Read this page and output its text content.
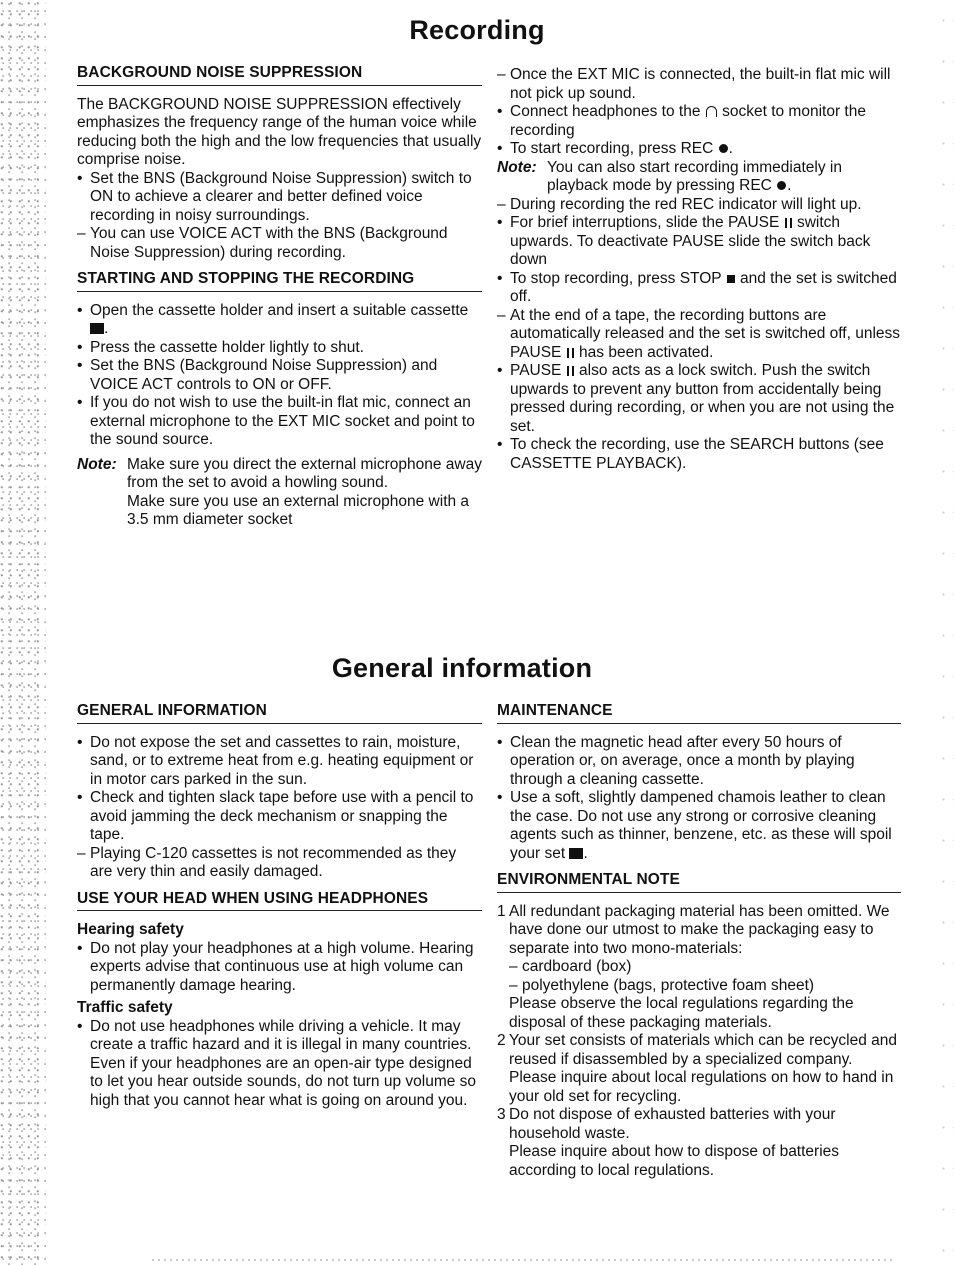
Recording
BACKGROUND NOISE SUPPRESSION
The BACKGROUND NOISE SUPPRESSION effectively emphasizes the frequency range of the human voice while reducing both the high and the low frequencies that usually comprise noise.
• Set the BNS (Background Noise Suppression) switch to ON to achieve a clearer and better defined voice recording in noisy surroundings.
– You can use VOICE ACT with the BNS (Background Noise Suppression) during recording.
STARTING AND STOPPING THE RECORDING
• Open the cassette holder and insert a suitable cassette .
• Press the cassette holder lightly to shut.
• Set the BNS (Background Noise Suppression) and VOICE ACT controls to ON or OFF.
• If you do not wish to use the built-in flat mic, connect an external microphone to the EXT MIC socket and point to the sound source.
Note: Make sure you direct the external microphone away from the set to avoid a howling sound.
Make sure you use an external microphone with a 3.5 mm diameter socket
– Once the EXT MIC is connected, the built-in flat mic will not pick up sound.
• Connect headphones to the socket to monitor the recording
• To start recording, press REC .
Note: You can also start recording immediately in playback mode by pressing REC .
– During recording the red REC indicator will light up.
• For brief interruptions, slide the PAUSE switch upwards. To deactivate PAUSE slide the switch back down
• To stop recording, press STOP and the set is switched off.
– At the end of a tape, the recording buttons are automatically released and the set is switched off, unless PAUSE has been activated.
• PAUSE also acts as a lock switch. Push the switch upwards to prevent any button from accidentally being pressed during recording, or when you are not using the set.
• To check the recording, use the SEARCH buttons (see CASSETTE PLAYBACK).
General information
GENERAL INFORMATION
• Do not expose the set and cassettes to rain, moisture, sand, or to extreme heat from e.g. heating equipment or in motor cars parked in the sun.
• Check and tighten slack tape before use with a pencil to avoid jamming the deck mechanism or snapping the tape.
– Playing C-120 cassettes is not recommended as they are very thin and easily damaged.
USE YOUR HEAD WHEN USING HEADPHONES
Hearing safety
• Do not play your headphones at a high volume. Hearing experts advise that continuous use at high volume can permanently damage hearing.
Traffic safety
• Do not use headphones while driving a vehicle. It may create a traffic hazard and it is illegal in many countries. Even if your headphones are an open-air type designed to let you hear outside sounds, do not turn up volume so high that you cannot hear what is going on around you.
MAINTENANCE
• Clean the magnetic head after every 50 hours of operation or, on average, once a month by playing through a cleaning cassette.
• Use a soft, slightly dampened chamois leather to clean the case. Do not use any strong or corrosive cleaning agents such as thinner, benzene, etc. as these will spoil your set .
ENVIRONMENTAL NOTE
1 All redundant packaging material has been omitted. We have done our utmost to make the packaging easy to separate into two mono-materials:
– cardboard (box)
– polyethylene (bags, protective foam sheet)
Please observe the local regulations regarding the disposal of these packaging materials.
2 Your set consists of materials which can be recycled and reused if disassembled by a specialized company. Please inquire about local regulations on how to hand in your old set for recycling.
3 Do not dispose of exhausted batteries with your household waste.
Please inquire about how to dispose of batteries according to local regulations.
